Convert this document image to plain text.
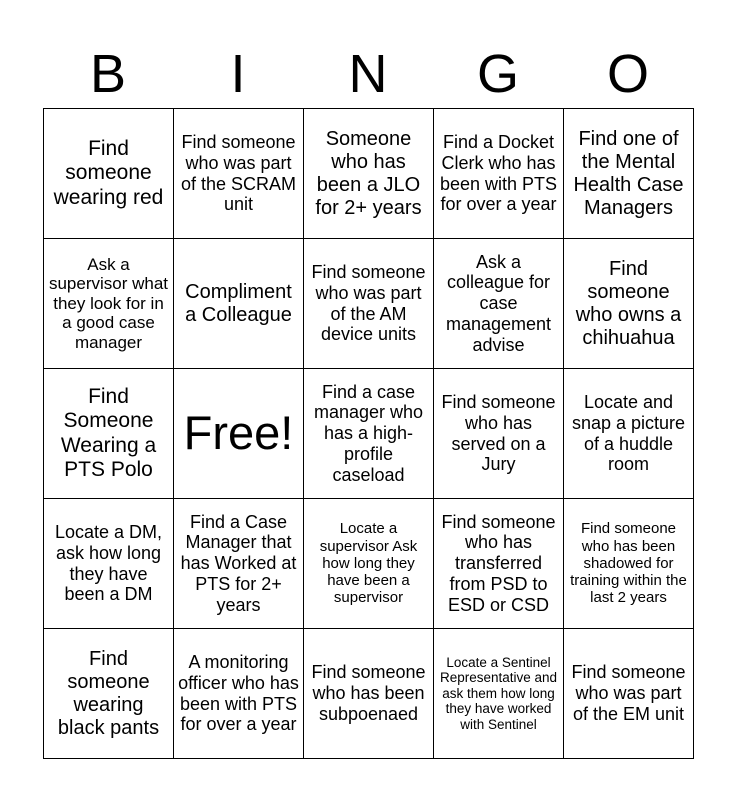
B	I	N	G	O
Find someone wearing red	Find someone who was part of the SCRAM unit	Someone who has been a JLO for 2+ years	Find a Docket Clerk who has been with PTS for over a year	Find one of the Mental Health Case Managers
Ask a supervisor what they look for in a good case manager	Compliment a Colleague	Find someone who was part of the AM device units	Ask a colleague for case management advise	Find someone who owns a chihuahua
Find Someone Wearing a PTS Polo	Free!	Find a case manager who has a high-profile caseload	Find someone who has served on a Jury	Locate and snap a picture of a huddle room
Locate a DM, ask how long they have been a DM	Find a Case Manager that has Worked at PTS for 2+ years	Locate a supervisor Ask how long they have been a supervisor	Find someone who has transferred from PSD to ESD or CSD	Find someone who has been shadowed for training within the last 2 years
Find someone wearing black pants	A monitoring officer who has been with PTS for over a year	Find someone who has been subpoenaed	Locate a Sentinel Representative and ask them how long they have worked with Sentinel	Find someone who was part of the EM unit
